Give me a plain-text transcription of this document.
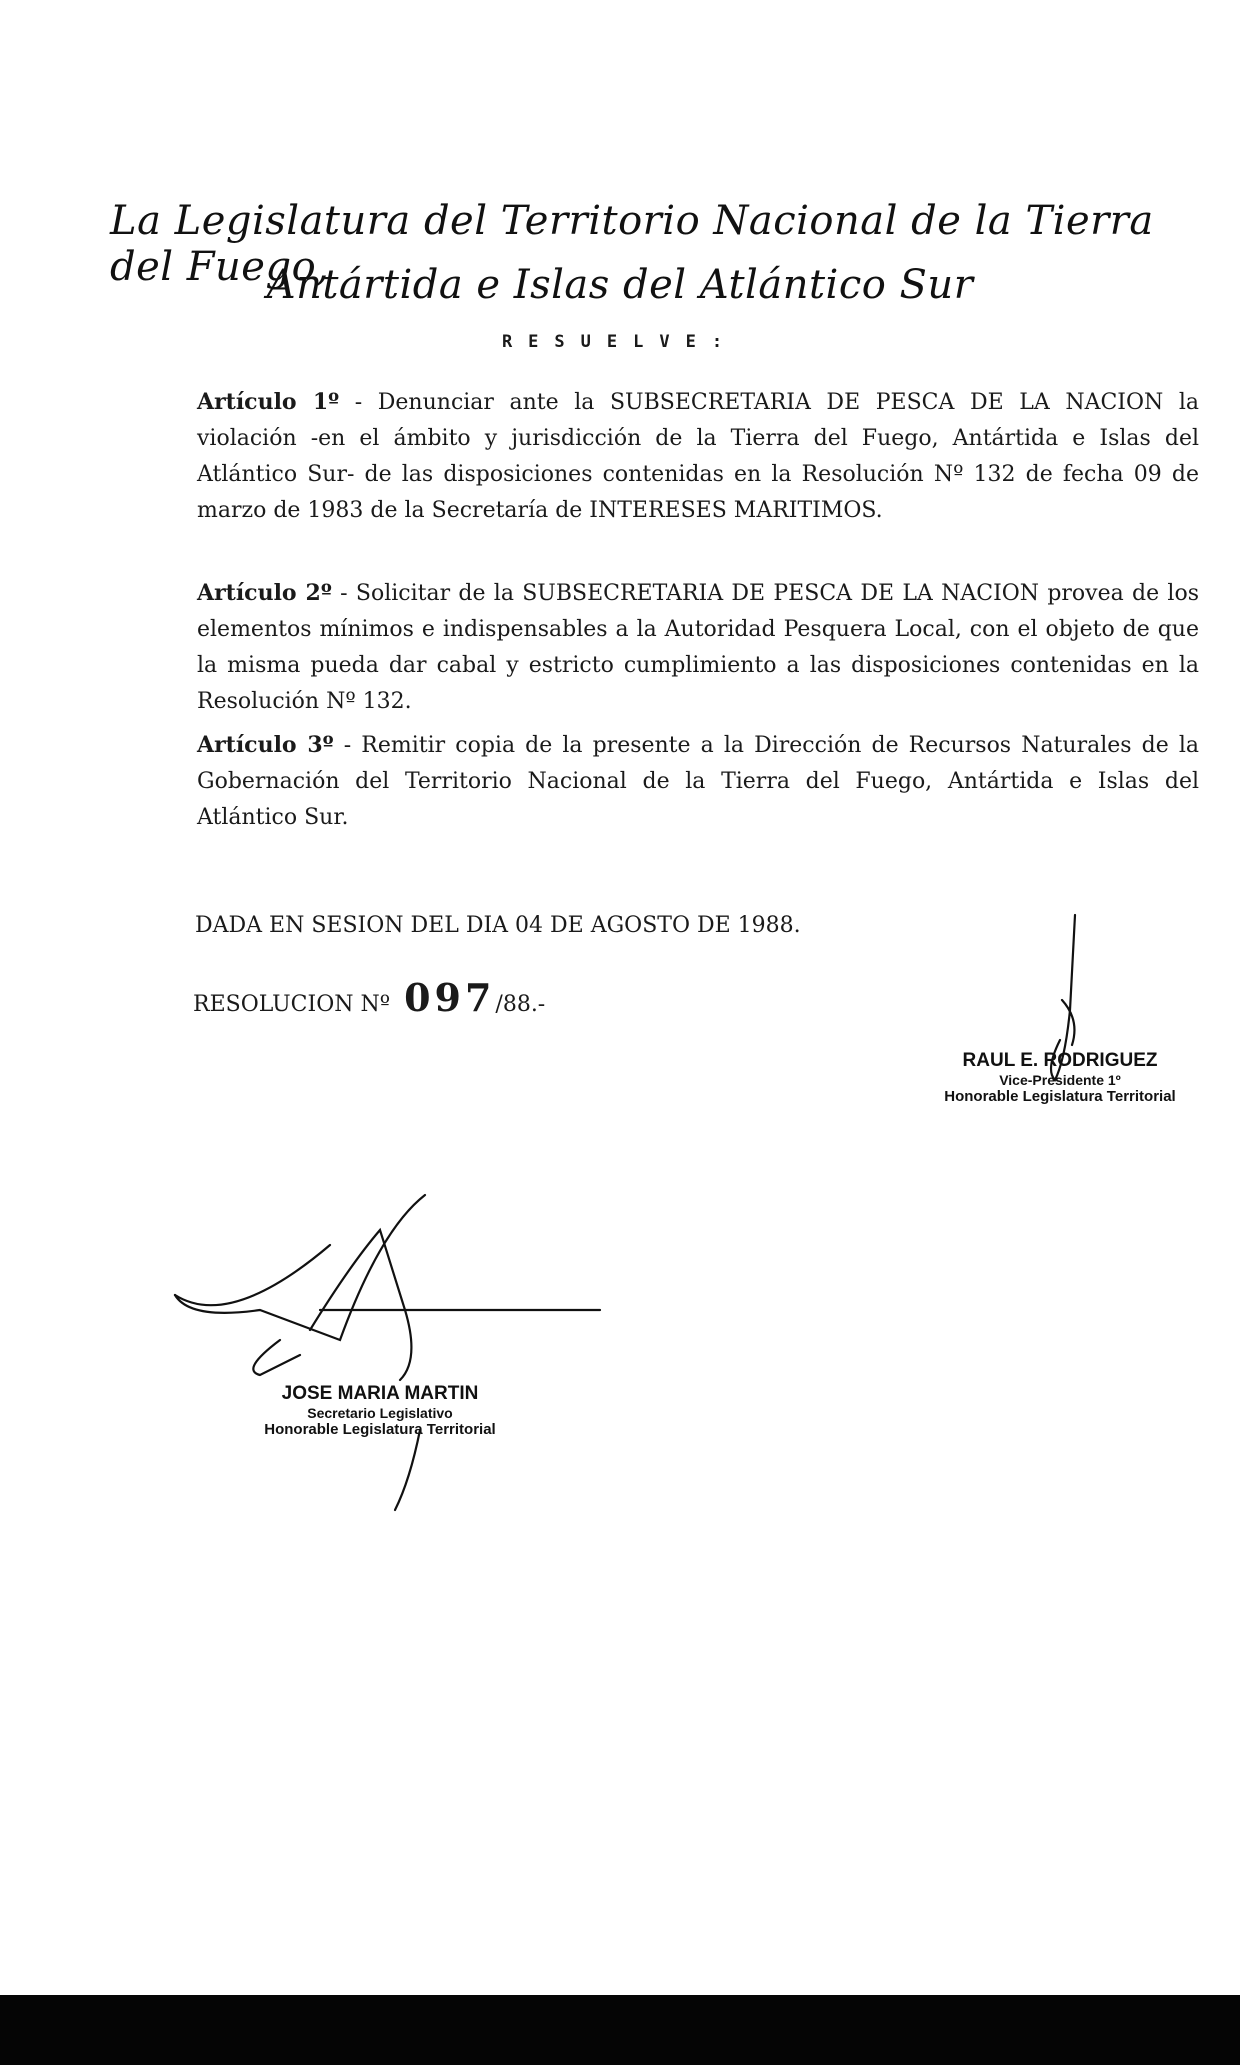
La Legislatura del Territorio Nacional de la Tierra del Fuego,
Antártida e Islas del Atlántico Sur
RESUELVE:
Artículo 1º - Denunciar ante la SUBSECRETARIA DE PESCA DE LA NACION la violación -en el ámbito y jurisdicción de la Tierra del Fuego, Antártida e Islas del Atlántico Sur- de las disposiciones contenidas en la Resolución Nº 132 de fecha 09 de marzo de 1983 de la Secretaría de INTERESES MARITIMOS.
Artículo 2º - Solicitar de la SUBSECRETARIA DE PESCA DE LA NACION provea de los elementos mínimos e indispensables a la Autoridad Pesquera Local, con el objeto de que la misma pueda dar cabal y estricto cumplimiento a las disposiciones contenidas en la Resolución Nº 132.
Artículo 3º - Remitir copia de la presente a la Dirección de Recursos Naturales de la Gobernación del Territorio Nacional de la Tierra del Fuego, Antártida e Islas del Atlántico Sur.
DADA EN SESION DEL DIA 04 DE AGOSTO DE 1988.
RESOLUCION Nº 097/88.-
RAUL E. RODRIGUEZ
Vice-Presidente 1º
Honorable Legislatura Territorial
JOSE MARIA MARTIN
Secretario Legislativo
Honorable Legislatura Territorial
